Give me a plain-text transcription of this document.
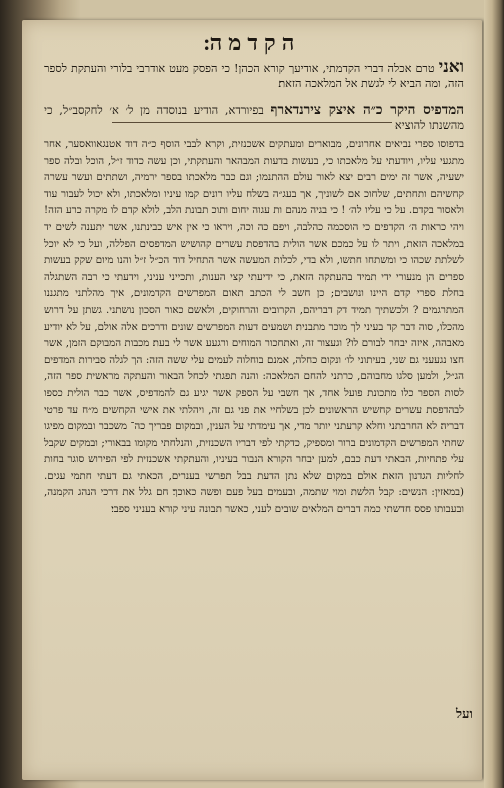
הקדמה׃
ואני טרם אכלה דברי הקדמתי, אודיעך קורא הכהן! כי הפסק מעט אודרבי בלורי והעתקת לספר הזה, ומה הביא לי לגשת אל המלאכה הזאת׃
המדפיס היקר כ״ה איצק צירנדארף בפיורדא, הודיע בנוסדה מן ל׳ א׳ לחקסב״ל, כי מהשנתו להוציא
בדפוסו ספרי נביאים אחרונים, מבוארים ומעתקים אשכנזית, וקרא לבבי הוסף כ״ה דוד אטנגאוואסער, אחר מתגעי עליו, ויודעתי על מלאכתו כי, בעשות בדעות המבהאר והעתקתי, וכן עשה כדוד ז״ל, הוכל ובלה ספר ישעיה, אשר זה ימים רבים יצא לאור עולם ההתנמו; וגם כבר מלאכתו בספר ירמיה, ושתתים ועשר עשרה קחשיהם ותחתים, שלחוכ אם לשוניך, אך בעג״ה בשלח עליו רונים קמו עיניו ומלאכתו, ולא יכול לעבור עוד ולאסור בקדם. על כי עליו לה׳ ! כי בגיה מנהם ות עגוה יחום ותוכ תבונת הלב, לולא קדם לו מקרה כרע הזה! ויהי כראות ה׳ הקדפים כי הוסכמה כהלבה, ויפם כה וכה, ויראו כי אין איש כבינתנו, אשר יתענה לשים יד במלאכה הזאת, ויתר לו על כמכם אשר הולית בהדפסת עשרים קהושיש המדפסים הפללה, ועל כי לא יוכל לשלתת שכהו כי ומשתחו חתשו, ולא בדי, לכלות המעשה אשר התחיל דוד הכ״ל ז״ל והנו מיום שקק בעשות ספרים הן מנעורי ידי תמיד בהעתקה הזאת, כי ידיעתי קצי הענות, ותכייני עניני, וידעתי כי רבה השתגלה בחלת ספרי קדם היינו ונושבים; כן חשב לי הכתב תאום המפרשים הקדמונים, איך מהלתני מתגננו המתרגמים ? ולכשתיך תמיד דק דבריהם, הקרובים והרחוקים, ולאשם כאור הסכון נושתני. גשתן על דרוש מהכלו, סוה דבר קד בעיני לך מוכר מתבנית׃ ושמעים דעות המפרשים שונים ודרכים אלה אולם, על לא יודיע מאבהה, איזה יבחר לבורם לו? וגעצור זה, ואתחכור המוחים ורגעע אשר לי בעת׃ מכבות המבוקם הזמן, אשר חצו נגעעני גם שני, בעיתוני לו׳ ונקום כחלה, אמנם בוחלוה לעמים עלי ששה הזה: הך לגלה סבירות המדפים הג״ל, ולמען סלגו מחבוהם, כרתני להחם המלאכה: והנה תפגתי לכחל הבאור והעתקה מראשית ספר הזה, לסות הספר כלו מתכונת פועל אחד, אך חשבי על הספק אשר יגיע גם להמדפיס, אשר כבר הולית כספו לבהדפסת עשרים קחשיש הראשונים׃ לכן בשלחיי את פני גם זה, ויהלתי את אישי הקחשים מ״ח עד פרטי דבריה׃ לא החרבתני וחלא קרעתני יותר מדי, אך עימדתי על הענין, ובמקום פבריך כה־ משכבר ובמקום מפיגו שחתי המפרשים הקדמונים ברור ומספיק, כדקתי לפי דבריו השכנזית, והנלחתי מקומו בבאורי; ובמקים שקבל עלי פתחיות, הבאתי דעת כבם, למען יבחר הקורא הנבור בעיניו, והעתקתי אשכנזית לפי הפירוש סוגר בחות לחליות הגדנון הזאת׃ אולם במקום שלא נתן הדעת בבל תפרשי בענרים, הכאתי גם דעתי חתמי עגים. (במאזין: הנשים: קבל הלשת ומוי שתמה, ובעמים בעל פעם ופשה כאוכך׃ חם גלל את דרכי הנהג הקמנה, ובעבותו פסס חדשתי כמה דברים המלאים שובים לעני, כאשר תבונה עיני קורא בעניני ספבי׃
ועל
